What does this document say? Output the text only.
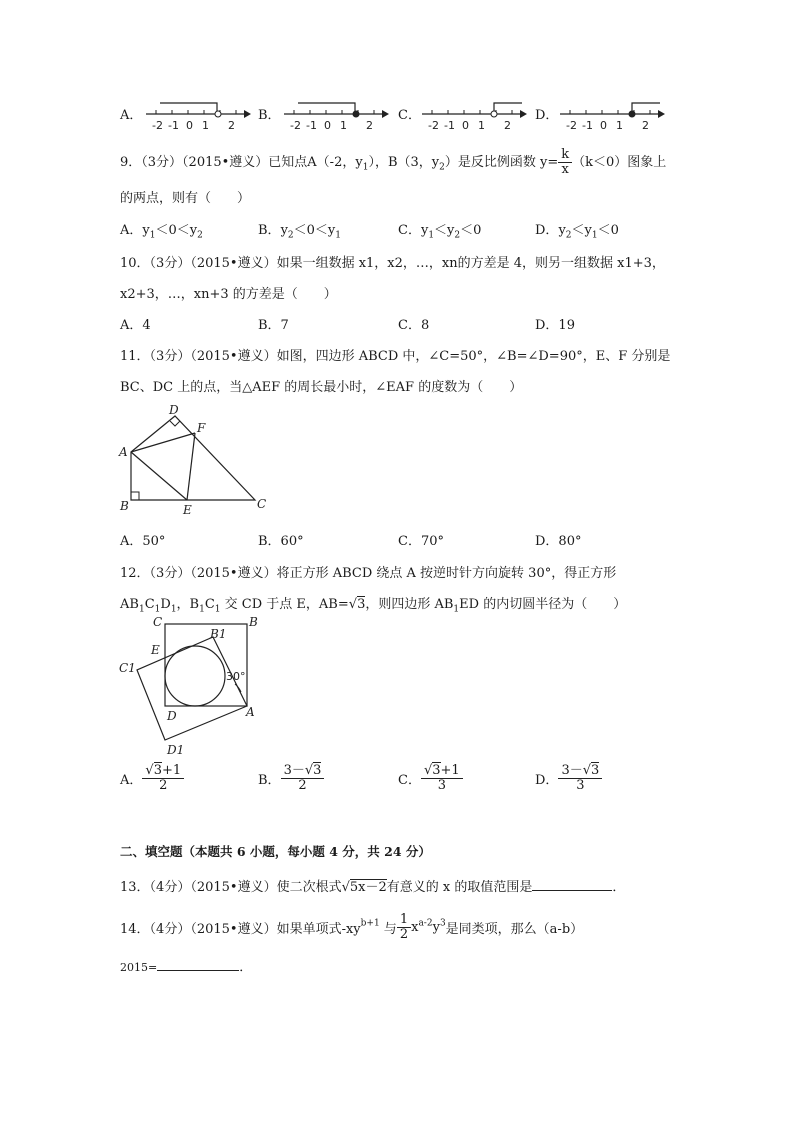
A．	B．	C．	D．
-2 -1 0 1 2	-2 -1 0 1 2	-2 -1 0 1 2	-2 -1 0 1 2
9．（3分）（2015•遵义）已知点A（-2，$y_1$），B（3，$y_2$）是反比例函数 $y= \frac{k}{x} (k<0)$图象上
的两点，则有（　　）
A．$y_1<0<y_2$	B．$y_2<0<y_1$	C．$y_1<y_2<0$	D．$y_2<y_1<0$
10．（3分）（2015•遵义）如果一组数据 x1，x2，…，xn的方差是 4，则另一组数据 x1+3，
x2+3，…，xn+3 的方差是（　　）
A．4	B．7	C．8	D．19
11．（3分）（2015•遵义）如图，四边形 ABCD 中，∠C=50°，∠B=∠D=90°，E、F 分别是
BC、DC 上的点，当△AEF 的周长最小时，∠EAF 的度数为（　　）
D
F
A
B	E	C
A．50°	B．60°	C．70°	D．80°
12．（3分）（2015•遵义）将正方形 ABCD 绕点 A 按逆时针方向旋转 30°，得正方形
$AB_1C_1D_1$，$B_1C_1$ 交 CD 于点 E，AB=√3，则四边形 $AB_1ED$ 的内切圆半径为（　　）
C	B
B1
E
C1
30°
D	A
D1
A． $\frac{√3+1}{2}$	B． $\frac{3-√3}{2}$	C． $\frac{√3+1}{3}$	D． $\frac{3-√3}{3}$
二、填空题（本题共 6 小题，每小题 4 分，共 24 分）
13．（4分）（2015•遵义）使二次根式√5x－2有意义的 x 的取值范围是	．
14．（4分）（2015•遵义）如果单项式$-xy^{b+1}$ 与 $\frac{1}{2} x^{a-2}y^3$是同类项，那么（a-b）
2015=	．
